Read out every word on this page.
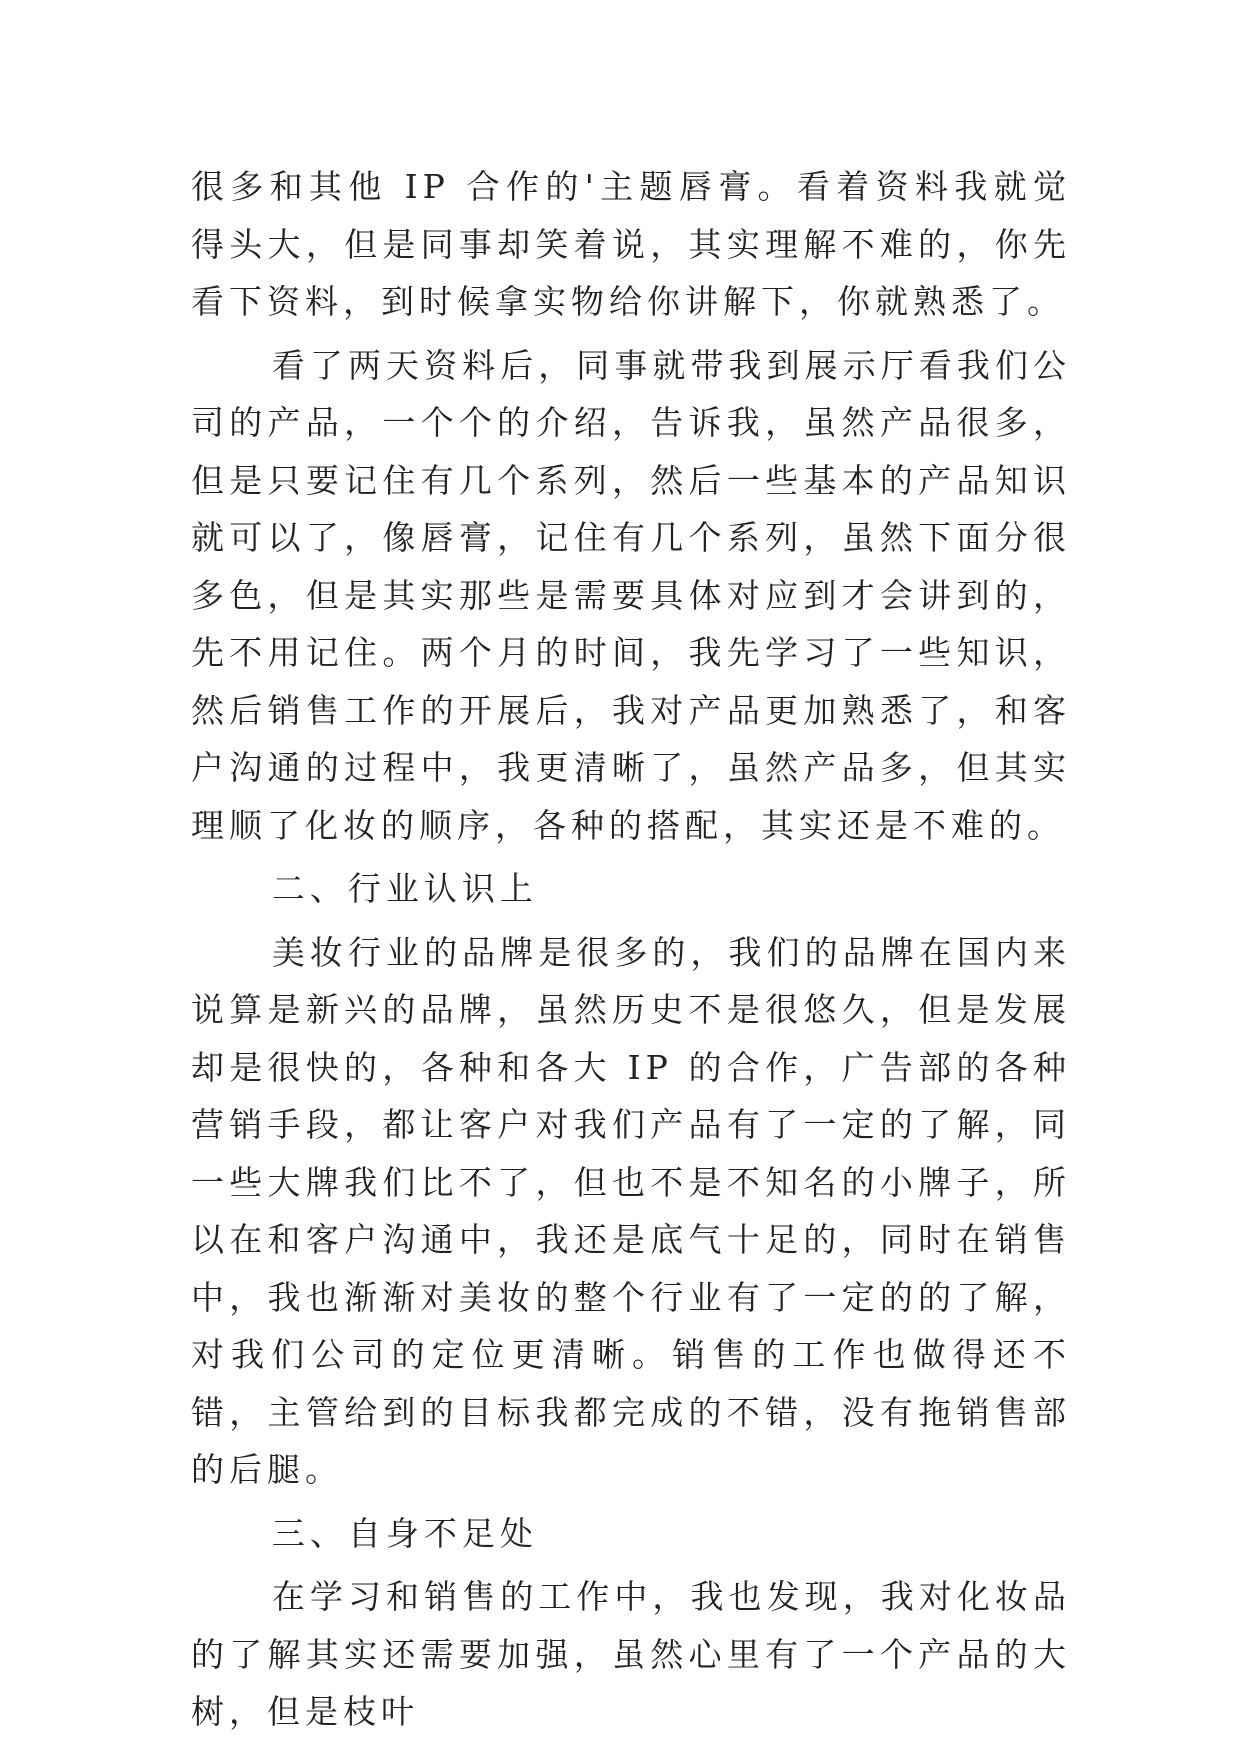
很多和其他 IP 合作的'主题唇膏。看着资料我就觉得头大，但是同事却笑着说，其实理解不难的，你先看下资料，到时候拿实物给你讲解下，你就熟悉了。

看了两天资料后，同事就带我到展示厅看我们公司的产品，一个个的介绍，告诉我，虽然产品很多，但是只要记住有几个系列，然后一些基本的产品知识就可以了，像唇膏，记住有几个系列，虽然下面分很多色，但是其实那些是需要具体对应到才会讲到的，先不用记住。两个月的时间，我先学习了一些知识，然后销售工作的开展后，我对产品更加熟悉了，和客户沟通的过程中，我更清晰了，虽然产品多，但其实理顺了化妆的顺序，各种的搭配，其实还是不难的。

二、行业认识上

美妆行业的品牌是很多的，我们的品牌在国内来说算是新兴的品牌，虽然历史不是很悠久，但是发展却是很快的，各种和各大 IP 的合作，广告部的各种营销手段，都让客户对我们产品有了一定的了解，同一些大牌我们比不了，但也不是不知名的小牌子，所以在和客户沟通中，我还是底气十足的，同时在销售中，我也渐渐对美妆的整个行业有了一定的的了解，对我们公司的定位更清晰。销售的工作也做得还不错，主管给到的目标我都完成的不错，没有拖销售部的后腿。

三、自身不足处

在学习和销售的工作中，我也发现，我对化妆品的了解其实还需要加强，虽然心里有了一个产品的大树，但是枝叶
